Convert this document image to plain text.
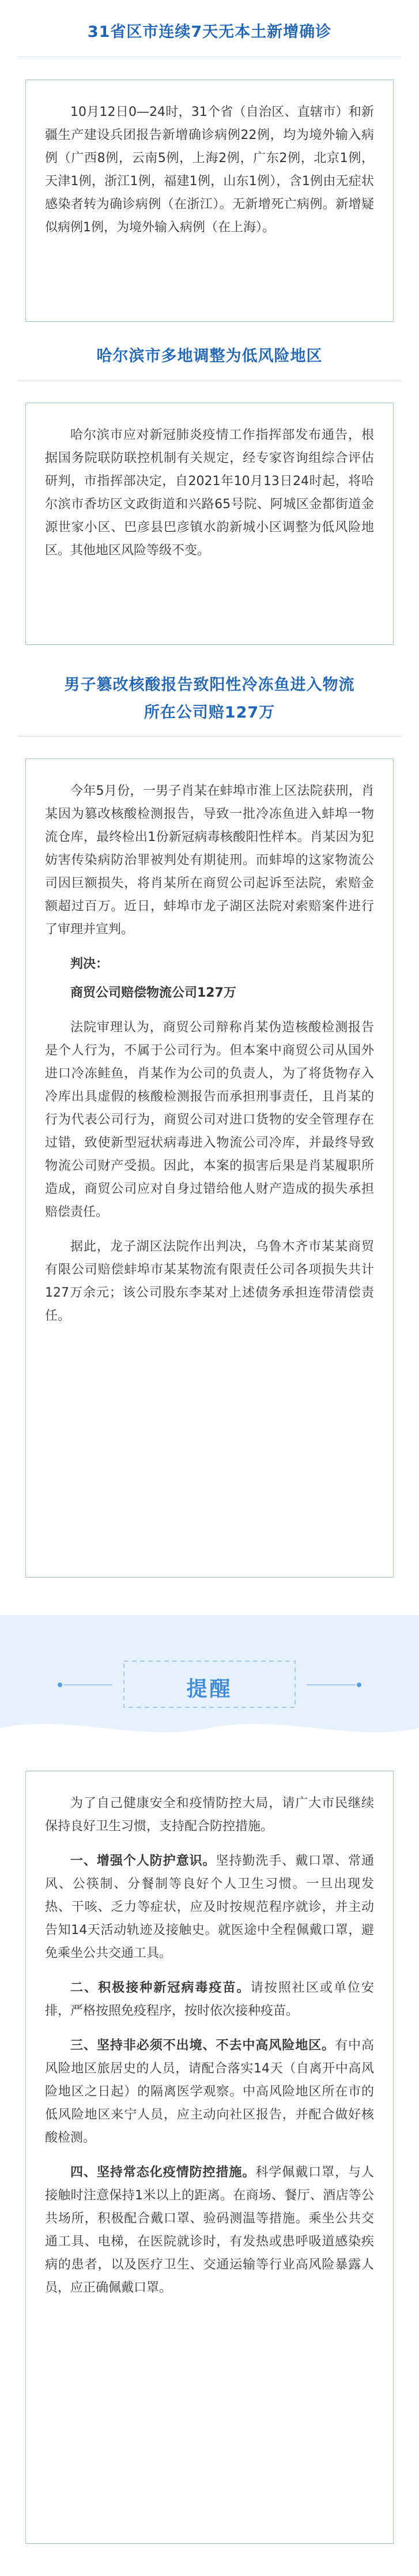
31省区市连续7天无本土新增确诊

10月12日0—24时，31个省（自治区、直辖市）和新疆生产建设兵团报告新增确诊病例22例，均为境外输入病例（广西8例，云南5例，上海2例，广东2例，北京1例，天津1例，浙江1例，福建1例，山东1例），含1例由无症状感染者转为确诊病例（在浙江）。无新增死亡病例。新增疑似病例1例，为境外输入病例（在上海）。

哈尔滨市多地调整为低风险地区

哈尔滨市应对新冠肺炎疫情工作指挥部发布通告，根据国务院联防联控机制有关规定，经专家咨询组综合评估研判，市指挥部决定，自2021年10月13日24时起，将哈尔滨市香坊区文政街道和兴路65号院、阿城区金都街道金源世家小区、巴彦县巴彦镇水韵新城小区调整为低风险地区。其他地区风险等级不变。

男子篡改核酸报告致阳性冷冻鱼进入物流
所在公司赔127万

今年5月份，一男子肖某在蚌埠市淮上区法院获刑，肖某因为篡改核酸检测报告，导致一批冷冻鱼进入蚌埠一物流仓库，最终检出1份新冠病毒核酸阳性样本。肖某因为犯妨害传染病防治罪被判处有期徒刑。而蚌埠的这家物流公司因巨额损失，将肖某所在商贸公司起诉至法院，索赔金额超过百万。近日，蚌埠市龙子湖区法院对索赔案件进行了审理并宣判。

判决：

商贸公司赔偿物流公司127万

法院审理认为，商贸公司辩称肖某伪造核酸检测报告是个人行为，不属于公司行为。但本案中商贸公司从国外进口冷冻鲑鱼，肖某作为公司的负责人，为了将货物存入冷库出具虚假的核酸检测报告而承担刑事责任，且肖某的行为代表公司行为，商贸公司对进口货物的安全管理存在过错，致使新型冠状病毒进入物流公司冷库，并最终导致物流公司财产受损。因此，本案的损害后果是肖某履职所造成，商贸公司应对自身过错给他人财产造成的损失承担赔偿责任。

据此，龙子湖区法院作出判决，乌鲁木齐市某某商贸有限公司赔偿蚌埠市某某物流有限责任公司各项损失共计127万余元；该公司股东李某对上述债务承担连带清偿责任。

提醒

为了自己健康安全和疫情防控大局，请广大市民继续保持良好卫生习惯，支持配合防控措施。

一、增强个人防护意识。坚持勤洗手、戴口罩、常通风、公筷制、分餐制等良好个人卫生习惯。一旦出现发热、干咳、乏力等症状，应及时按规范程序就诊，并主动告知14天活动轨迹及接触史。就医途中全程佩戴口罩，避免乘坐公共交通工具。

二、积极接种新冠病毒疫苗。请按照社区或单位安排，严格按照免疫程序，按时依次接种疫苗。

三、坚持非必须不出境、不去中高风险地区。有中高风险地区旅居史的人员，请配合落实14天（自离开中高风险地区之日起）的隔离医学观察。中高风险地区所在市的低风险地区来宁人员，应主动向社区报告，并配合做好核酸检测。

四、坚持常态化疫情防控措施。科学佩戴口罩，与人接触时注意保持1米以上的距离。在商场、餐厅、酒店等公共场所，积极配合戴口罩、验码测温等措施。乘坐公共交通工具、电梯，在医院就诊时，有发热或患呼吸道感染疾病的患者，以及医疗卫生、交通运输等行业高风险暴露人员，应正确佩戴口罩。
